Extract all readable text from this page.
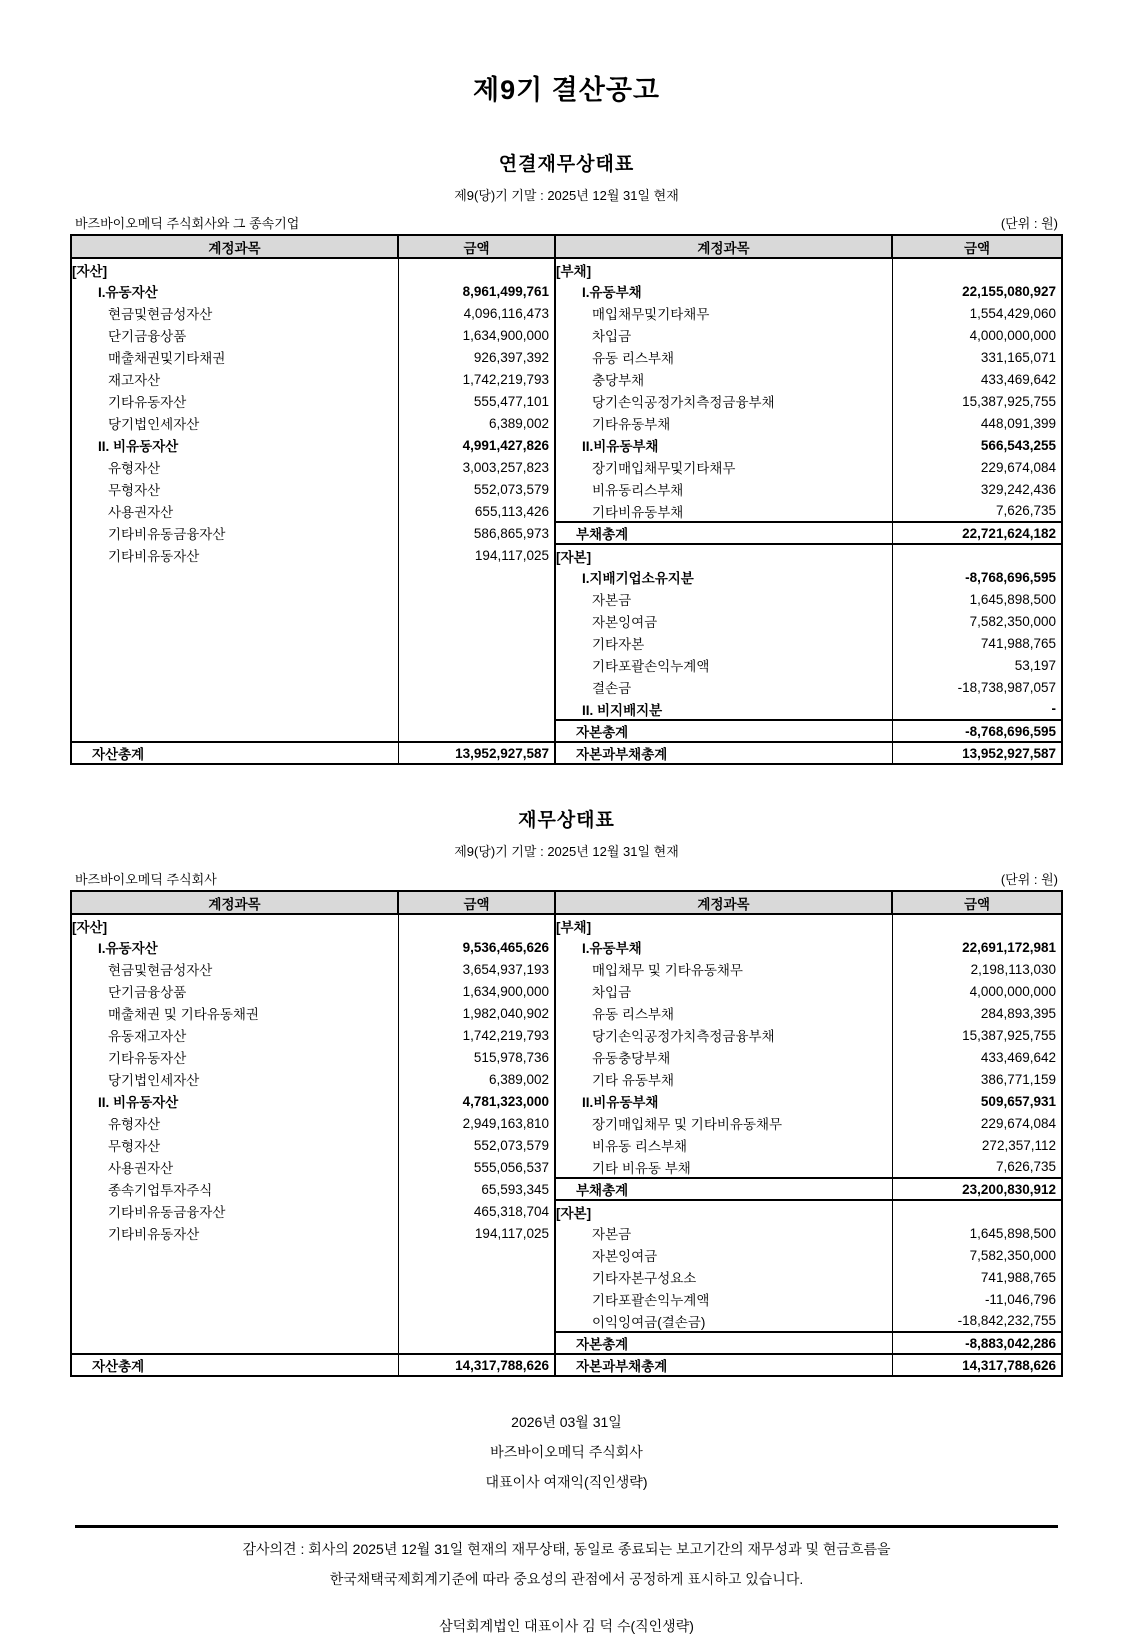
제9기 결산공고
연결재무상태표

제9(당)기 기말 : 2025년 12월 31일 현재

바즈바이오메딕 주식회사와 그 종속기업	(단위 : 원)
계정과목	금액	계정과목	금액
[자산]		[부채]	
I.유동자산	8,961,499,761	I.유동부채	22,155,080,927
현금및현금성자산	4,096,116,473	매입채무및기타채무	1,554,429,060
단기금융상품	1,634,900,000	차입금	4,000,000,000
매출채권및기타채권	926,397,392	유동 리스부채	331,165,071
재고자산	1,742,219,793	충당부채	433,469,642
기타유동자산	555,477,101	당기손익공정가치측정금융부채	15,387,925,755
당기법인세자산	6,389,002	기타유동부채	448,091,399
II. 비유동자산	4,991,427,826	II.비유동부채	566,543,255
유형자산	3,003,257,823	장기매입채무및기타채무	229,674,084
무형자산	552,073,579	비유동리스부채	329,242,436
사용권자산	655,113,426	기타비유동부채	7,626,735
기타비유동금융자산	586,865,973	부채총계	22,721,624,182
기타비유동자산	194,117,025	[자본]	
		I.지배기업소유지분	-8,768,696,595
		자본금	1,645,898,500
		자본잉여금	7,582,350,000
		기타자본	741,988,765
		기타포괄손익누계액	53,197
		결손금	-18,738,987,057
		II. 비지배지분	-
		자본총계	-8,768,696,595
자산총계	13,952,927,587	자본과부채총계	13,952,927,587
재무상태표

제9(당)기 기말 : 2025년 12월 31일 현재

바즈바이오메딕 주식회사	(단위 : 원)
계정과목	금액	계정과목	금액
[자산]		[부채]	
I.유동자산	9,536,465,626	I.유동부채	22,691,172,981
현금및현금성자산	3,654,937,193	매입채무 및 기타유동채무	2,198,113,030
단기금융상품	1,634,900,000	차입금	4,000,000,000
매출채권 및 기타유동채권	1,982,040,902	유동 리스부채	284,893,395
유동재고자산	1,742,219,793	당기손익공정가치측정금융부채	15,387,925,755
기타유동자산	515,978,736	유동충당부채	433,469,642
당기법인세자산	6,389,002	기타 유동부채	386,771,159
II. 비유동자산	4,781,323,000	II.비유동부채	509,657,931
유형자산	2,949,163,810	장기매입채무 및 기타비유동채무	229,674,084
무형자산	552,073,579	비유동 리스부채	272,357,112
사용권자산	555,056,537	기타 비유동 부채	7,626,735
종속기업투자주식	65,593,345	부채총계	23,200,830,912
기타비유동금융자산	465,318,704	[자본]	
기타비유동자산	194,117,025	자본금	1,645,898,500
		자본잉여금	7,582,350,000
		기타자본구성요소	741,988,765
		기타포괄손익누계액	-11,046,796
		이익잉여금(결손금)	-18,842,232,755
		자본총계	-8,883,042,286
자산총계	14,317,788,626	자본과부채총계	14,317,788,626
2026년 03월 31일
바즈바이오메딕 주식회사
대표이사 여재익(직인생략)

감사의견 : 회사의 2025년 12월 31일 현재의 재무상태, 동일로 종료되는 보고기간의 재무성과 및 현금흐름을
한국채택국제회계기준에 따라 중요성의 관점에서 공정하게 표시하고 있습니다.

삼덕회계법인 대표이사 김 덕 수(직인생략)
